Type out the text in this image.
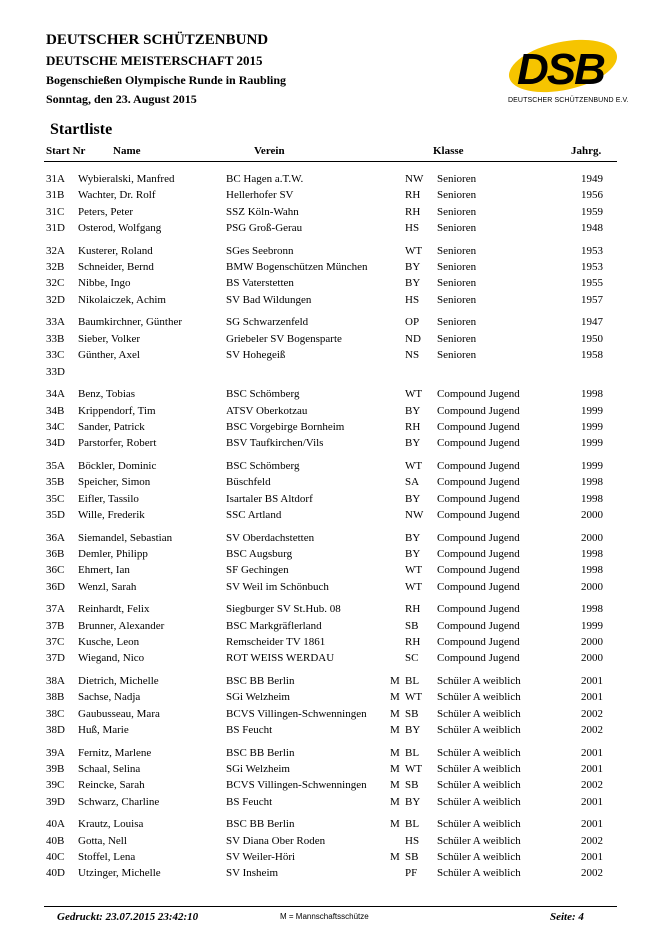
DEUTSCHER SCHÜTZENBUND
DEUTSCHE MEISTERSCHAFT 2015
Bogenschießen Olympische Runde in Raubling
Sonntag, den 23. August 2015
DSB
DEUTSCHER SCHÜTZENBUND E.V.
Startliste
Start Nr	Name	Verein	Klasse	Jahrg.
31A Wybieralski, Manfred	BC Hagen a.T.W.	NW Senioren	1949
31B Wachter, Dr. Rolf	Hellerhofer SV	RH Senioren	1956
31C Peters, Peter	SSZ Köln-Wahn	RH Senioren	1959
31D Osterod, Wolfgang	PSG Groß-Gerau	HS Senioren	1948
32A Kusterer, Roland	SGes Seebronn	WT Senioren	1953
32B Schneider, Bernd	BMW Bogenschützen München	BY Senioren	1953
32C Nibbe, Ingo	BS Vaterstetten	BY Senioren	1955
32D Nikolaiczek, Achim	SV Bad Wildungen	HS Senioren	1957
33A Baumkirchner, Günther	SG Schwarzenfeld	OP Senioren	1947
33B Sieber, Volker	Griebeler SV Bogensparte	ND Senioren	1950
33C Günther, Axel	SV Hohegeiß	NS Senioren	1958
33D
34A Benz, Tobias	BSC Schömberg	WT Compound Jugend	1998
34B Krippendorf, Tim	ATSV Oberkotzau	BY Compound Jugend	1999
34C Sander, Patrick	BSC Vorgebirge Bornheim	RH Compound Jugend	1999
34D Parstorfer, Robert	BSV Taufkirchen/Vils	BY Compound Jugend	1999
35A Böckler, Dominic	BSC Schömberg	WT Compound Jugend	1999
35B Speicher, Simon	Büschfeld	SA Compound Jugend	1998
35C Eifler, Tassilo	Isartaler BS Altdorf	BY Compound Jugend	1998
35D Wille, Frederik	SSC Artland	NW Compound Jugend	2000
36A Siemandel, Sebastian	SV Oberdachstetten	BY Compound Jugend	2000
36B Demler, Philipp	BSC Augsburg	BY Compound Jugend	1998
36C Ehmert, Ian	SF Gechingen	WT Compound Jugend	1998
36D Wenzl, Sarah	SV Weil im Schönbuch	WT Compound Jugend	2000
37A Reinhardt, Felix	Siegburger SV St.Hub. 08	RH Compound Jugend	1998
37B Brunner, Alexander	BSC Markgräflerland	SB Compound Jugend	1999
37C Kusche, Leon	Remscheider TV 1861	RH Compound Jugend	2000
37D Wiegand, Nico	ROT WEISS WERDAU	SC Compound Jugend	2000
38A Dietrich, Michelle	BSC BB Berlin	M BL Schüler A weiblich	2001
38B Sachse, Nadja	SGi Welzheim	M WT Schüler A weiblich	2001
38C Gaubusseau, Mara	BCVS Villingen-Schwenningen M SB Schüler A weiblich	2002
38D Huß, Marie	BS Feucht	M BY Schüler A weiblich	2002
39A Fernitz, Marlene	BSC BB Berlin	M BL Schüler A weiblich	2001
39B Schaal, Selina	SGi Welzheim	M WT Schüler A weiblich	2001
39C Reincke, Sarah	BCVS Villingen-Schwenningen M SB Schüler A weiblich	2002
39D Schwarz, Charline	BS Feucht	M BY Schüler A weiblich	2001
40A Krautz, Louisa	BSC BB Berlin	M BL Schüler A weiblich	2001
40B Gotta, Nell	SV Diana Ober Roden	HS Schüler A weiblich	2002
40C Stoffel, Lena	SV Weiler-Höri	M SB Schüler A weiblich	2001
40D Utzinger, Michelle	SV Insheim	PF Schüler A weiblich	2002
Gedruckt: 23.07.2015 23:42:10	M = Mannschaftsschütze	Seite: 4
